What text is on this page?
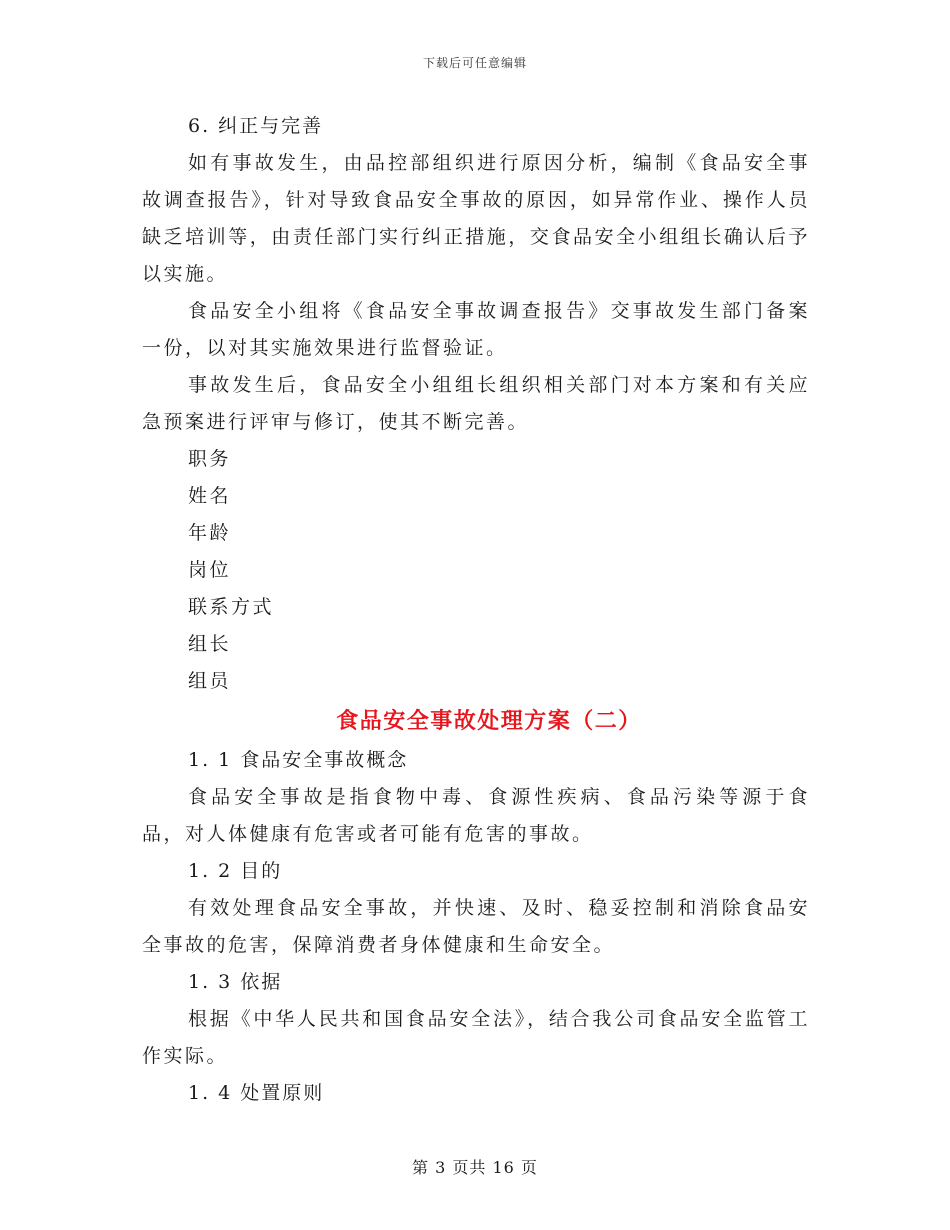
下载后可任意编辑

6. 纠正与完善

如有事故发生，由品控部组织进行原因分析，编制《食品安全事故调查报告》，针对导致食品安全事故的原因，如异常作业、操作人员缺乏培训等，由责任部门实行纠正措施，交食品安全小组组长确认后予以实施。

食品安全小组将《食品安全事故调查报告》交事故发生部门备案一份，以对其实施效果进行监督验证。

事故发生后，食品安全小组组长组织相关部门对本方案和有关应急预案进行评审与修订，使其不断完善。

职务

姓名

年龄

岗位

联系方式

组长

组员

食品安全事故处理方案（二）

1. 1 食品安全事故概念

食品安全事故是指食物中毒、食源性疾病、食品污染等源于食品，对人体健康有危害或者可能有危害的事故。

1. 2 目的

有效处理食品安全事故，并快速、及时、稳妥控制和消除食品安全事故的危害，保障消费者身体健康和生命安全。

1. 3 依据

根据《中华人民共和国食品安全法》，结合我公司食品安全监管工作实际。

1. 4 处置原则

第 3 页共 16 页
